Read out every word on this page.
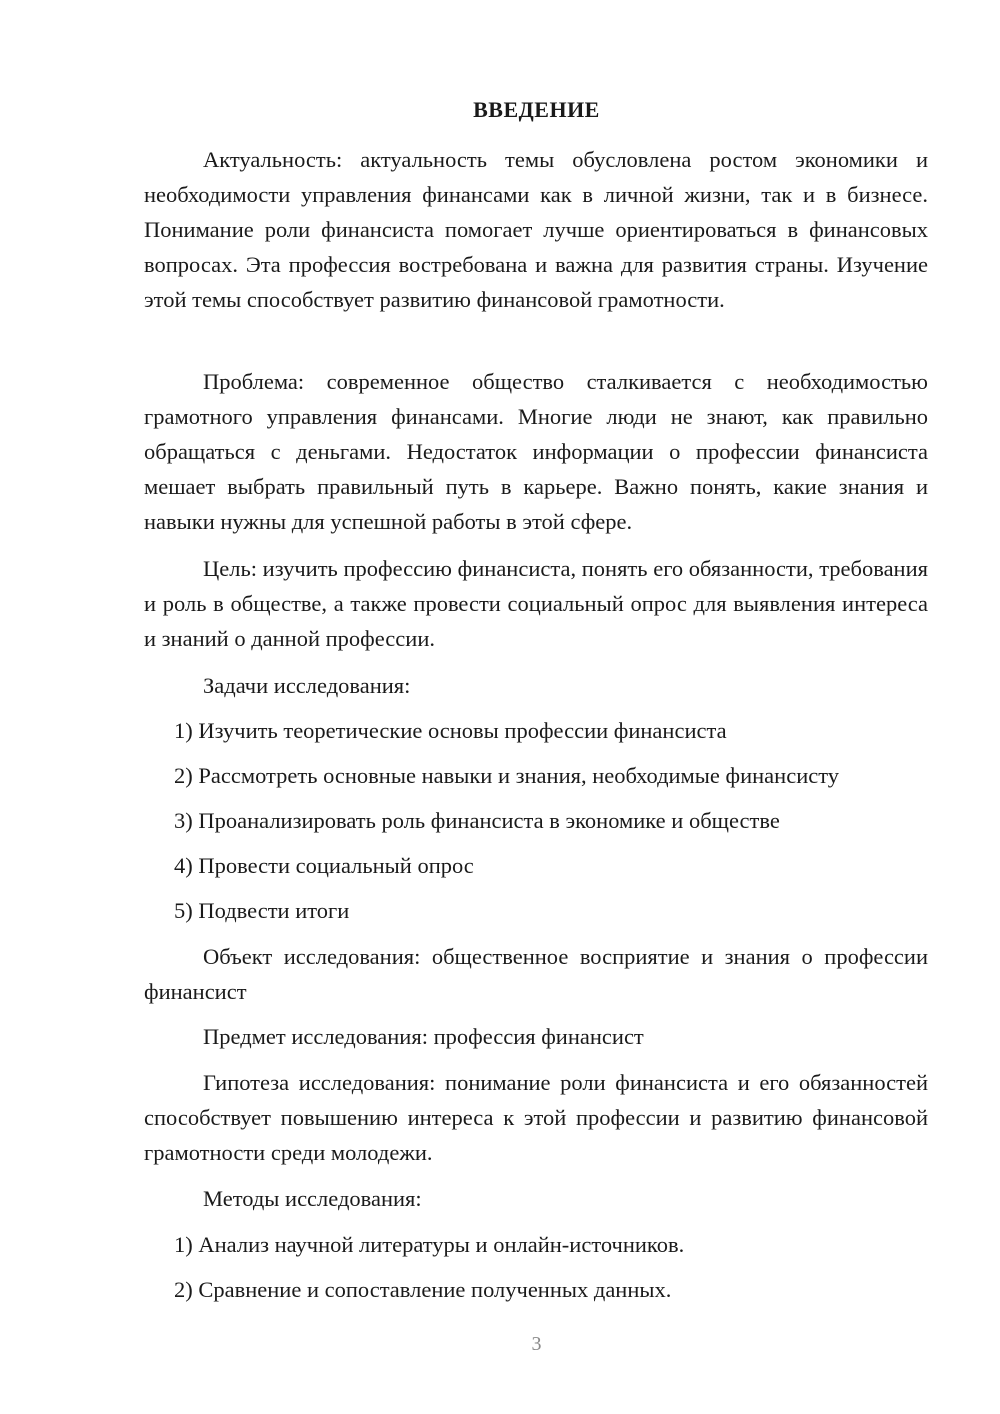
ВВЕДЕНИЕ

Актуальность: актуальность темы обусловлена ростом экономики и необходимости управления финансами как в личной жизни, так и в бизнесе. Понимание роли финансиста помогает лучше ориентироваться в финансовых вопросах. Эта профессия востребована и важна для развития страны. Изучение этой темы способствует развитию финансовой грамотности.

Проблема: современное общество сталкивается с необходимостью грамотного управления финансами. Многие люди не знают, как правильно обращаться с деньгами. Недостаток информации о профессии финансиста мешает выбрать правильный путь в карьере. Важно понять, какие знания и навыки нужны для успешной работы в этой сфере.

Цель: изучить профессию финансиста, понять его обязанности, требования и роль в обществе, а также провести социальный опрос для выявления интереса и знаний о данной профессии.

Задачи исследования:

1) Изучить теоретические основы профессии финансиста

2) Рассмотреть основные навыки и знания, необходимые финансисту

3) Проанализировать роль финансиста в экономике и обществе

4) Провести социальный опрос

5) Подвести итоги

Объект исследования: общественное восприятие и знания о профессии финансист

Предмет исследования: профессия финансист

Гипотеза исследования: понимание роли финансиста и его обязанностей способствует повышению интереса к этой профессии и развитию финансовой грамотности среди молодежи.

Методы исследования:

1) Анализ научной литературы и онлайн-источников.

2) Сравнение и сопоставление полученных данных.

3
